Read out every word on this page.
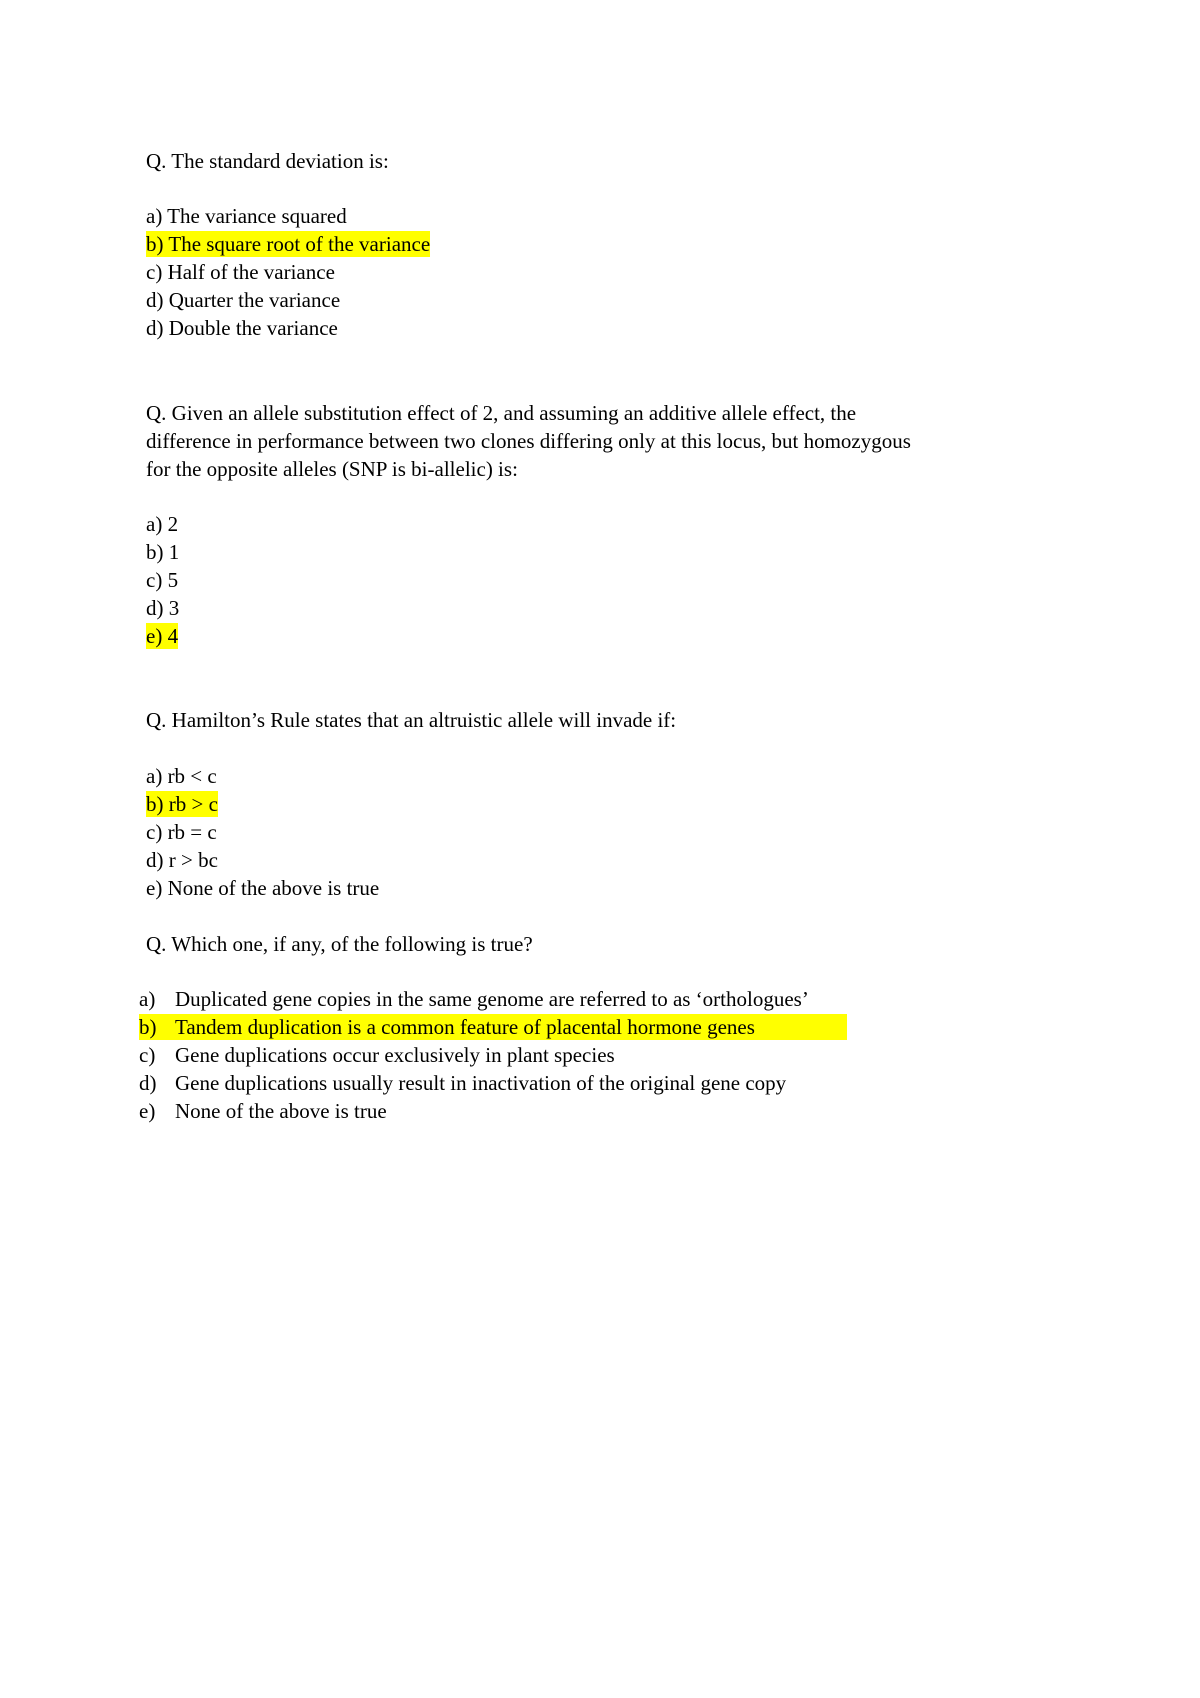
Q. The standard deviation is:
a) The variance squared
b) The square root of the variance
c) Half of the variance
d) Quarter the variance
d) Double the variance
Q. Given an allele substitution effect of 2, and assuming an additive allele effect, the
difference in performance between two clones differing only at this locus, but homozygous
for the opposite alleles (SNP is bi-allelic) is:
a) 2
b) 1
c) 5
d) 3
e) 4
Q. Hamilton’s Rule states that an altruistic allele will invade if:
a) rb < c
b) rb > c
c) rb = c
d) r > bc
e) None of the above is true
Q. Which one, if any, of the following is true?
a) Duplicated gene copies in the same genome are referred to as ‘orthologues’
b) Tandem duplication is a common feature of placental hormone genes
c) Gene duplications occur exclusively in plant species
d) Gene duplications usually result in inactivation of the original gene copy
e) None of the above is true
